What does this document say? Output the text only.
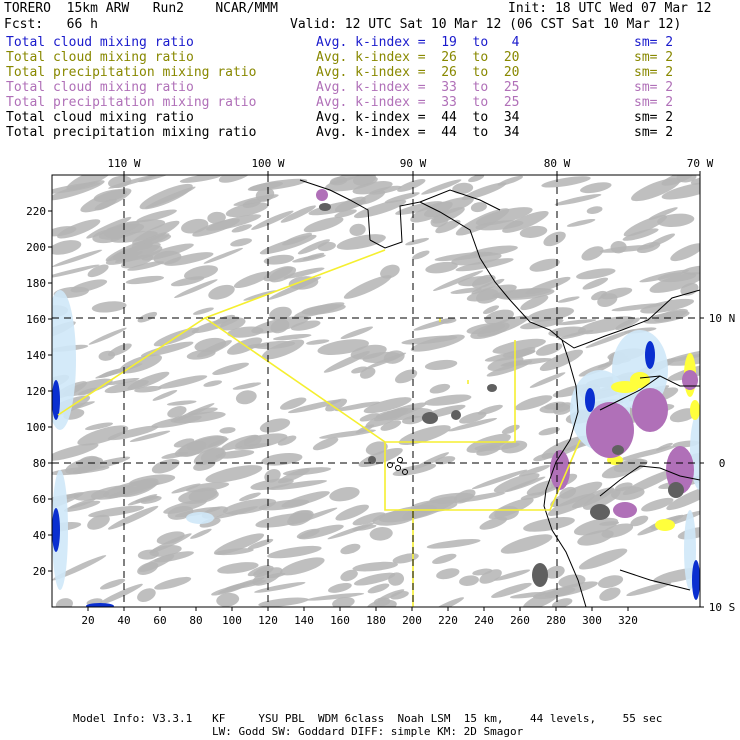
TORERO  15km ARW   Run2    NCAR/MMM	Init: 18 UTC Wed 07 Mar 12
Fcst:   66 h	Valid: 12 UTC Sat 10 Mar 12 (06 CST Sat 10 Mar 12)
Total cloud mixing ratio	Avg. k-index =  19  to   4	sm= 2
Total cloud mixing ratio	Avg. k-index =  26  to  20	sm= 2
Total precipitation mixing ratio	Avg. k-index =  26  to  20	sm= 2
Total cloud mixing ratio	Avg. k-index =  33  to  25	sm= 2
Total precipitation mixing ratio	Avg. k-index =  33  to  25	sm= 2
Total cloud mixing ratio	Avg. k-index =  44  to  34	sm= 2
Total precipitation mixing ratio	Avg. k-index =  44  to  34	sm= 2
20 40 60 80 100 120 140 160 180 200 220 240 260 280 300 320
20
40
60
80
100
120
140
160
180
200
220
110 W	100 W	90 W	80 W	70 W
10 N
0
10 S
Model Info: V3.3.1   KF     YSU PBL  WDM 6class  Noah LSM  15 km,    44 levels,    55 sec
LW: Godd SW: Goddard DIFF: simple KM: 2D Smagor
